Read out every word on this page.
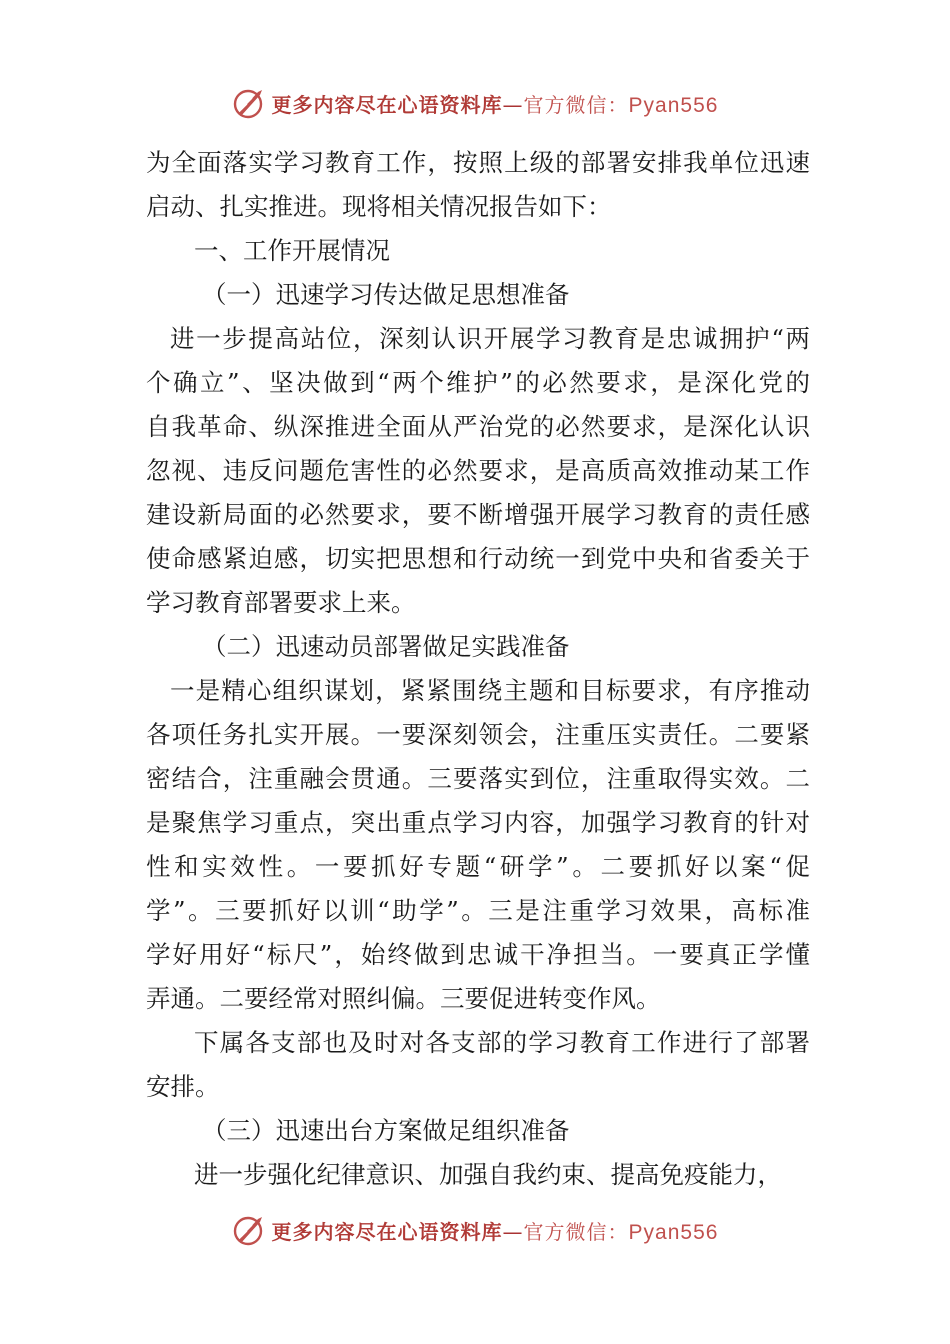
更多内容尽在心语资料库—官方微信：Pyan556
为全面落实学习教育工作，按照上级的部署安排我单位迅速
启动、扎实推进。现将相关情况报告如下：
一、工作开展情况
（一）迅速学习传达做足思想准备
进一步提高站位，深刻认识开展学习教育是忠诚拥护“两
个确立”、坚决做到“两个维护”的必然要求，是深化党的
自我革命、纵深推进全面从严治党的必然要求，是深化认识
忽视、违反问题危害性的必然要求，是高质高效推动某工作
建设新局面的必然要求，要不断增强开展学习教育的责任感
使命感紧迫感，切实把思想和行动统一到党中央和省委关于
学习教育部署要求上来。
（二）迅速动员部署做足实践准备
一是精心组织谋划，紧紧围绕主题和目标要求，有序推动
各项任务扎实开展。一要深刻领会，注重压实责任。二要紧
密结合，注重融会贯通。三要落实到位，注重取得实效。二
是聚焦学习重点，突出重点学习内容，加强学习教育的针对
性和实效性。一要抓好专题“研学”。二要抓好以案“促
学”。三要抓好以训“助学”。三是注重学习效果，高标准
学好用好“标尺”，始终做到忠诚干净担当。一要真正学懂
弄通。二要经常对照纠偏。三要促进转变作风。
下属各支部也及时对各支部的学习教育工作进行了部署
安排。
（三）迅速出台方案做足组织准备
进一步强化纪律意识、加强自我约束、提高免疫能力，
更多内容尽在心语资料库—官方微信：Pyan556
